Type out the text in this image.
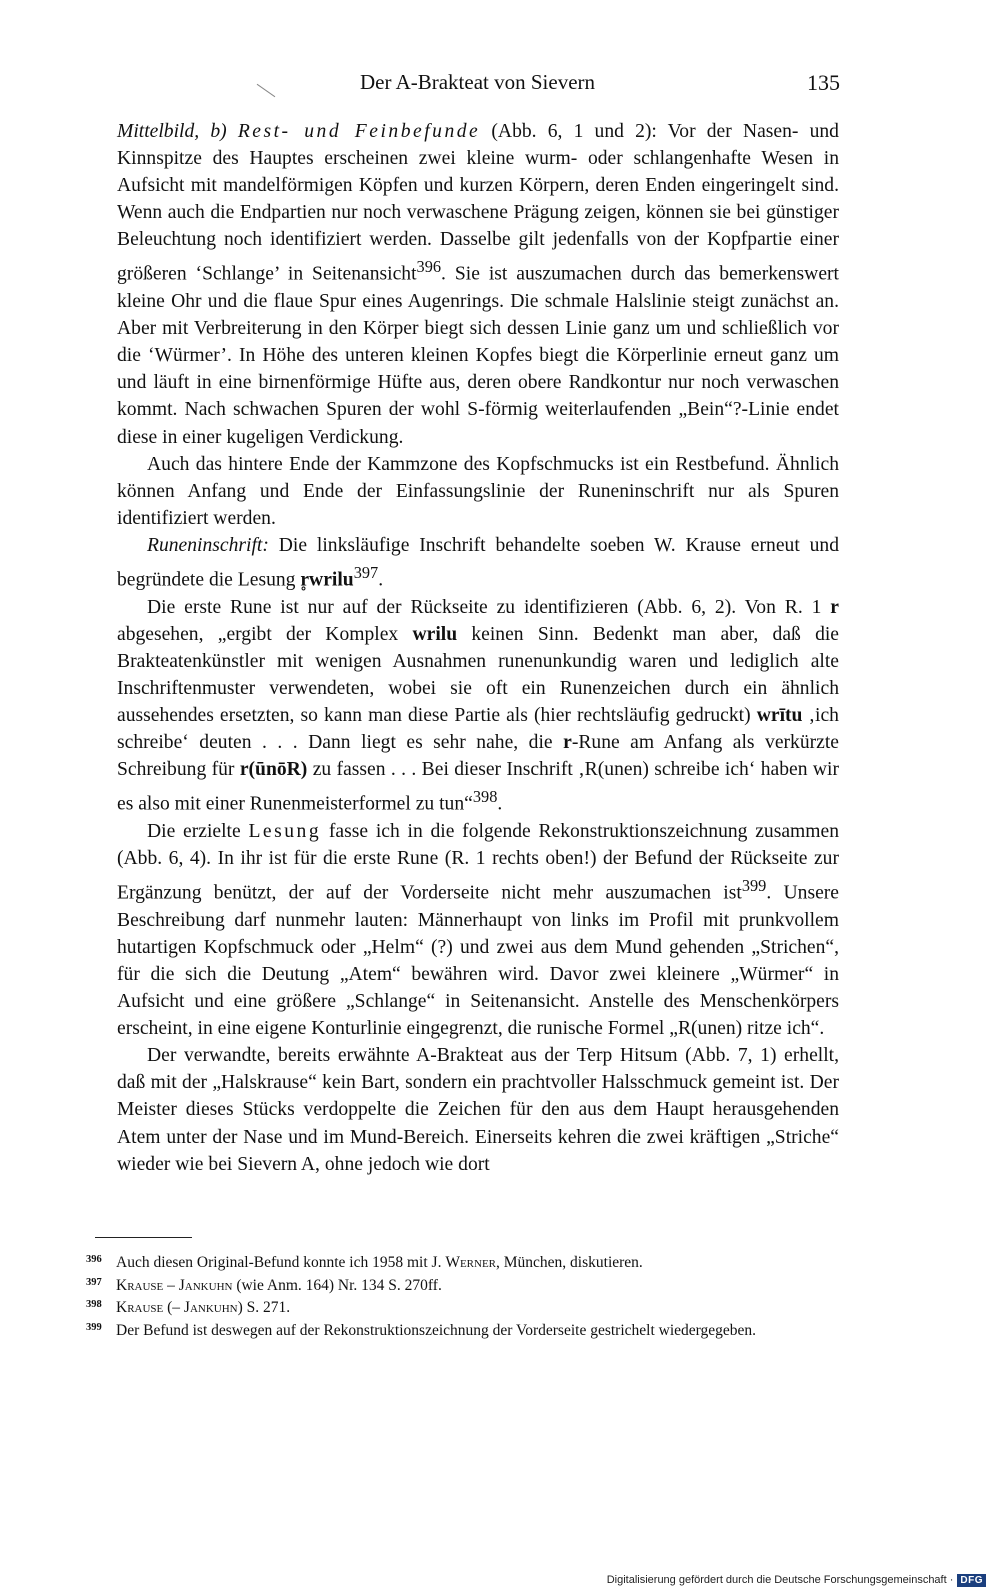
Der A-Brakteat von Sievern	135

Mittelbild, b) Rest- und Feinbefunde (Abb. 6, 1 und 2): Vor der Nasen- und Kinnspitze des Hauptes erscheinen zwei kleine wurm- oder schlangenhafte Wesen in Aufsicht mit mandelförmigen Köpfen und kurzen Körpern, deren Enden eingeringelt sind. Wenn auch die Endpartien nur noch verwaschene Prägung zeigen, können sie bei günstiger Beleuchtung noch identifiziert werden. Dasselbe gilt jedenfalls von der Kopfpartie einer größeren ‘Schlange’ in Seitenansicht$^{396}$. Sie ist auszumachen durch das bemerkenswert kleine Ohr und die flaue Spur eines Augenrings. Die schmale Halslinie steigt zunächst an. Aber mit Verbreiterung in den Körper biegt sich dessen Linie ganz um und schließlich vor die ‘Würmer’. In Höhe des unteren kleinen Kopfes biegt die Körperlinie erneut ganz um und läuft in eine birnenförmige Hüfte aus, deren obere Randkontur nur noch verwaschen kommt. Nach schwachen Spuren der wohl S-förmig weiterlaufenden „Bein“?-Linie endet diese in einer kugeligen Verdickung.

Auch das hintere Ende der Kammzone des Kopfschmucks ist ein Restbefund. Ähnlich können Anfang und Ende der Einfassungslinie der Runeninschrift nur als Spuren identifiziert werden.

Runeninschrift: Die linksläufige Inschrift behandelte soeben W. Krause erneut und begründete die Lesung r̥wrilu$^{397}$.

Die erste Rune ist nur auf der Rückseite zu identifizieren (Abb. 6, 2). Von R. 1 r abgesehen, „ergibt der Komplex wrilu keinen Sinn. Bedenkt man aber, daß die Brakteatenkünstler mit wenigen Ausnahmen runenunkundig waren und lediglich alte Inschriftenmuster verwendeten, wobei sie oft ein Runenzeichen durch ein ähnlich aussehendes ersetzten, so kann man diese Partie als (hier rechtsläufig gedruckt) wrītu ‚ich schreibe‘ deuten . . . Dann liegt es sehr nahe, die r-Rune am Anfang als verkürzte Schreibung für r(ūnōR) zu fassen . . . Bei dieser Inschrift ‚R(unen) schreibe ich‘ haben wir es also mit einer Runenmeisterformel zu tun“$^{398}$.

Die erzielte Lesung fasse ich in die folgende Rekonstruktionszeichnung zusammen (Abb. 6, 4). In ihr ist für die erste Rune (R. 1 rechts oben!) der Befund der Rückseite zur Ergänzung benützt, der auf der Vorderseite nicht mehr auszumachen ist$^{399}$. Unsere Beschreibung darf nunmehr lauten: Männerhaupt von links im Profil mit prunkvollem hutartigen Kopfschmuck oder „Helm“ (?) und zwei aus dem Mund gehenden „Strichen“, für die sich die Deutung „Atem“ bewähren wird. Davor zwei kleinere „Würmer“ in Aufsicht und eine größere „Schlange“ in Seitenansicht. Anstelle des Menschenkörpers erscheint, in eine eigene Konturlinie eingegrenzt, die runische Formel „R(unen) ritze ich“.

Der verwandte, bereits erwähnte A-Brakteat aus der Terp Hitsum (Abb. 7, 1) erhellt, daß mit der „Halskrause“ kein Bart, sondern ein prachtvoller Halsschmuck gemeint ist. Der Meister dieses Stücks verdoppelte die Zeichen für den aus dem Haupt herausgehenden Atem unter der Nase und im Mund-Bereich. Einerseits kehren die zwei kräftigen „Striche“ wieder wie bei Sievern A, ohne jedoch wie dort

396 Auch diesen Original-Befund konnte ich 1958 mit J. Werner, München, diskutieren.
397 Krause – Jankuhn (wie Anm. 164) Nr. 134 S. 270ff.
398 Krause (– Jankuhn) S. 271.
399 Der Befund ist deswegen auf der Rekonstruktionszeichnung der Vorderseite gestrichelt wiedergegeben.
Digitalisierung gefördert durch die Deutsche Forschungsgemeinschaft · DFG
